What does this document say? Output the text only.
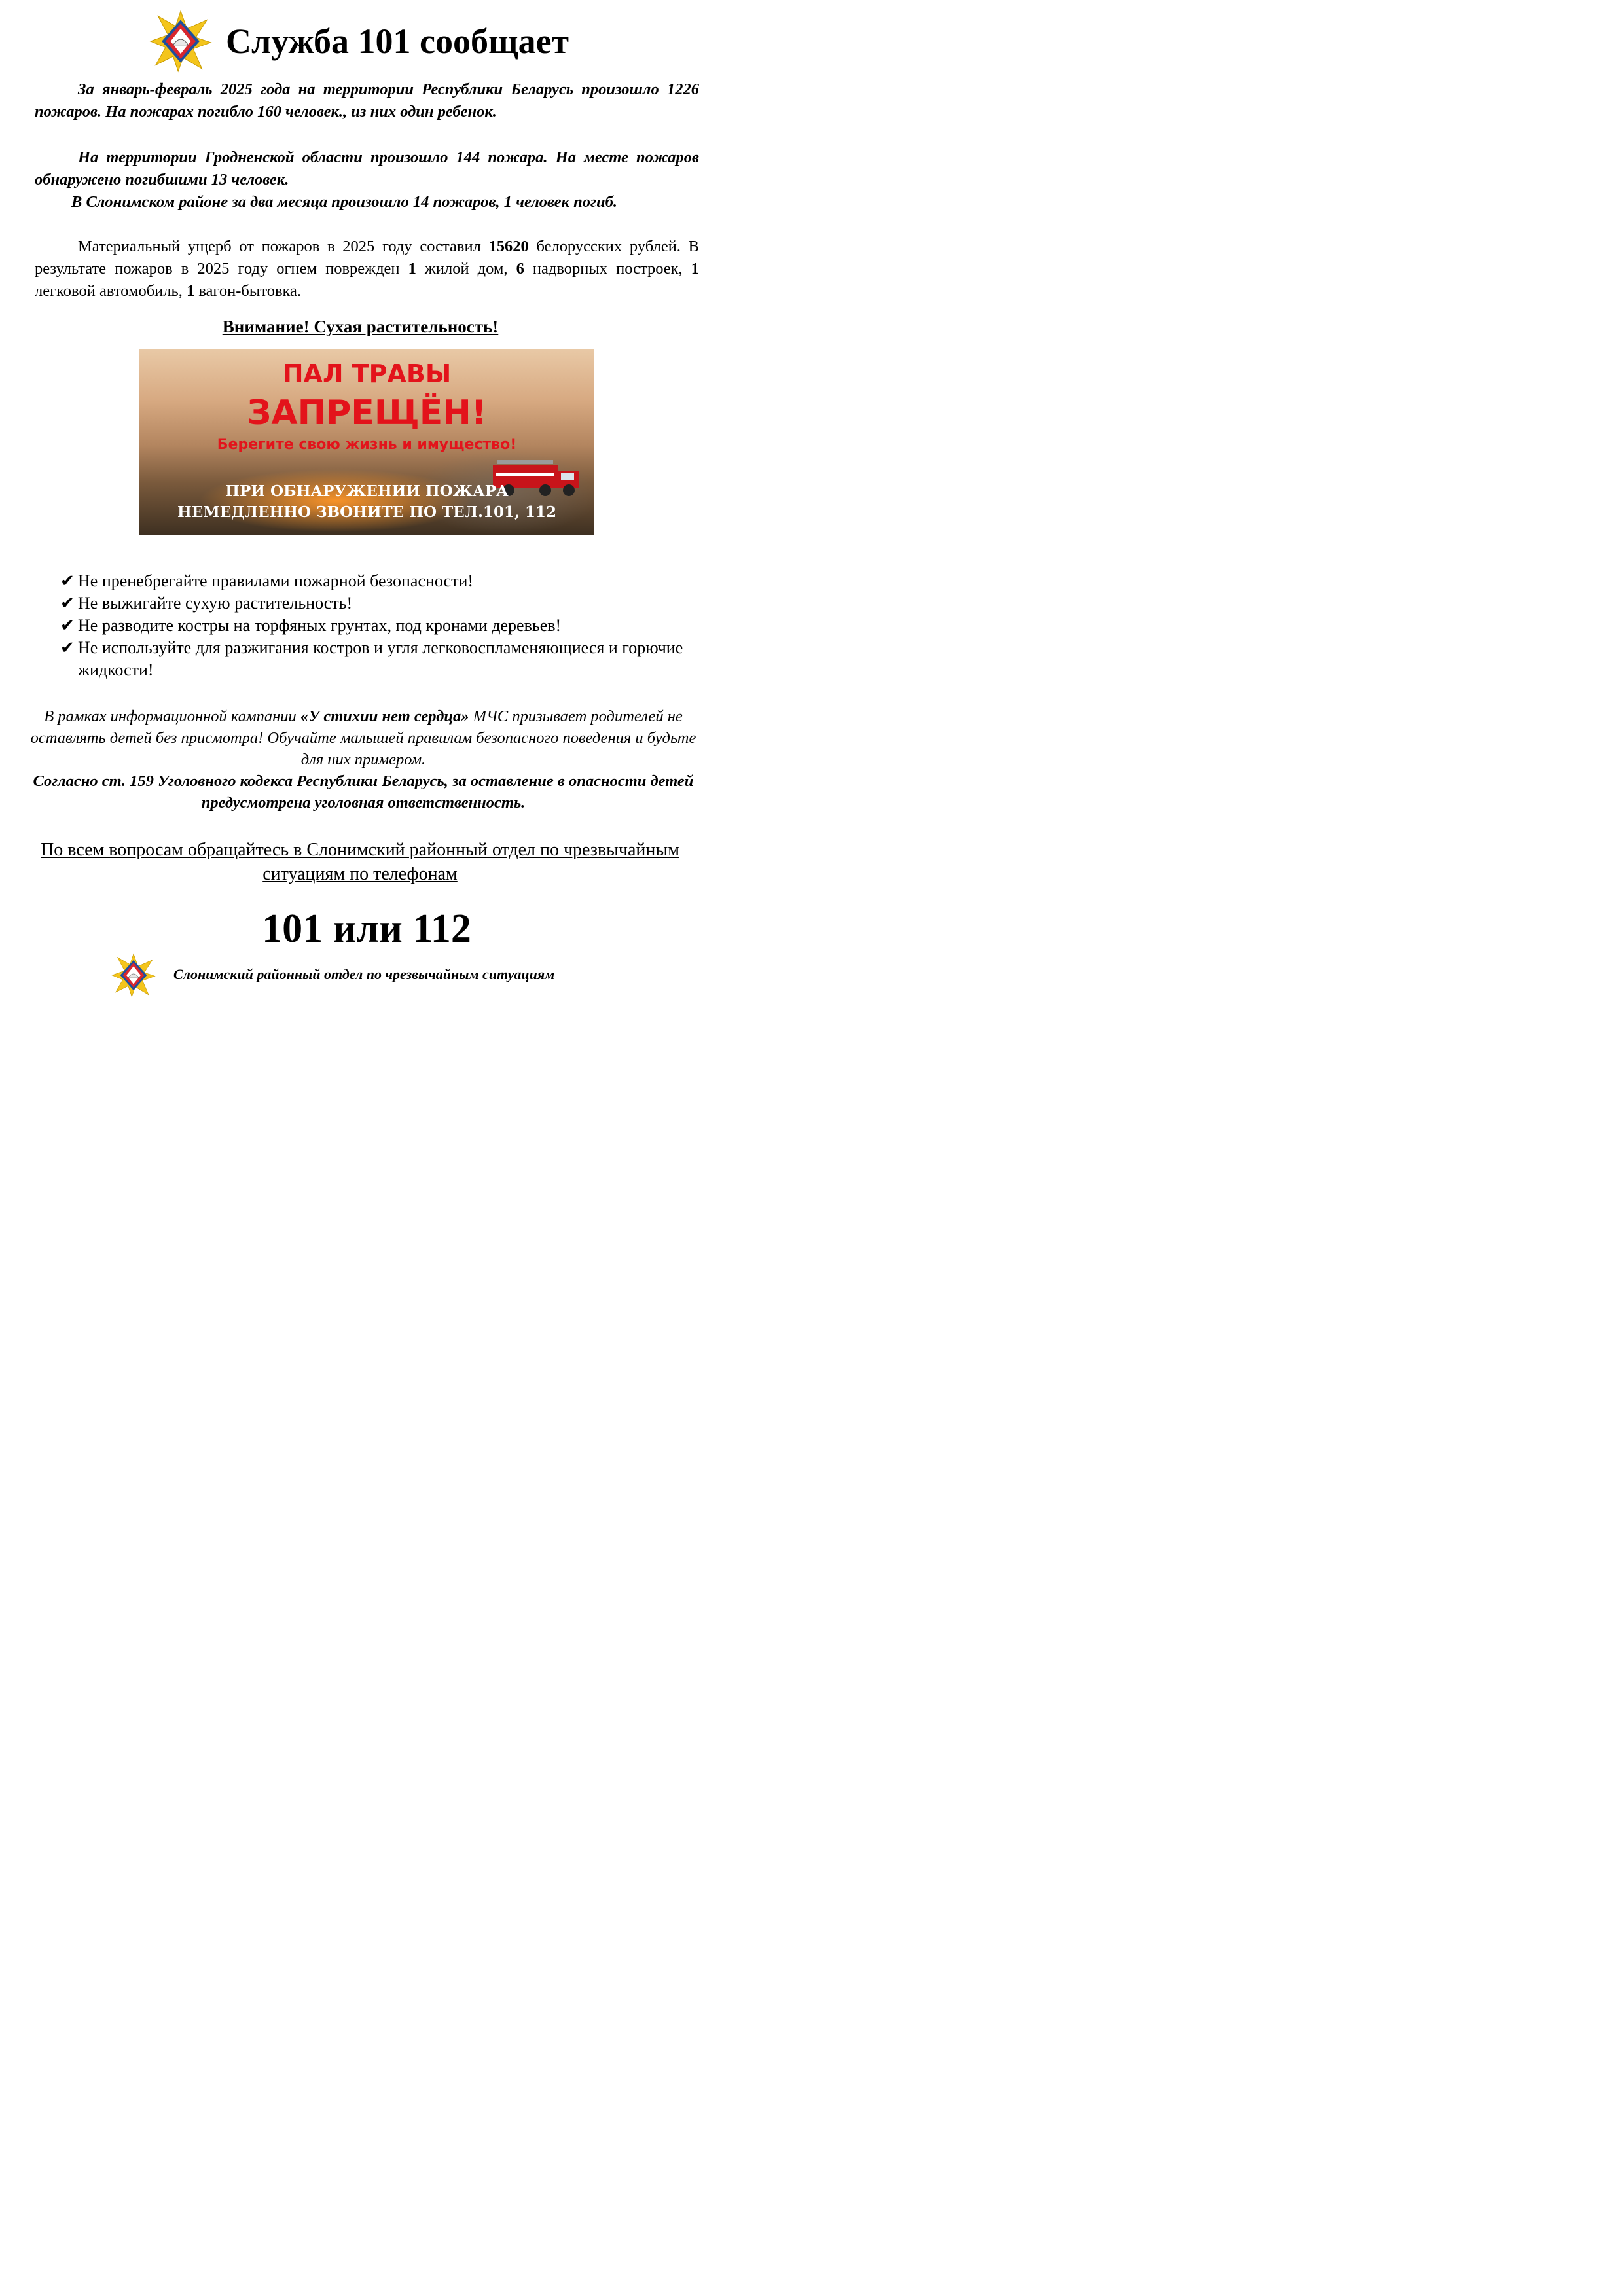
Служба 101 сообщает

За январь-февраль 2025 года на территории Республики Беларусь произошло 1226 пожаров. На пожарах погибло 160 человек., из них один ребенок.

На территории Гродненской области произошло 144 пожара. На месте пожаров обнаружено погибшими 13 человек.

В Слонимском районе за два месяца произошло 14 пожаров, 1 человек погиб.

Материальный ущерб от пожаров в 2025 году составил 15620 белорусских рублей. В результате пожаров в 2025 году огнем поврежден 1 жилой дом, 6 надворных построек, 1 легковой автомобиль, 1 вагон-бытовка.

Внимание! Сухая растительность!

ПАЛ ТРАВЫ
ЗАПРЕЩЁН!
Берегите свою жизнь и имущество!
ПРИ ОБНАРУЖЕНИИ ПОЖАРА
НЕМЕДЛЕННО ЗВОНИТЕ ПО ТЕЛ.101, 112
✔ Не пренебрегайте правилами пожарной безопасности!
✔ Не выжигайте сухую растительность!
✔ Не разводите костры на торфяных грунтах, под кронами деревьев!
✔ Не используйте для разжигания костров и угля легковоспламеняющиеся и горючие жидкости!

В рамках информационной кампании «У стихии нет сердца» МЧС призывает родителей не оставлять детей без присмотра! Обучайте малышей правилам безопасного поведения и будьте для них примером.
Согласно ст. 159 Уголовного кодекса Республики Беларусь, за оставление в опасности детей предусмотрена уголовная ответственность.

По всем вопросам обращайтесь в Слонимский районный отдел по чрезвычайным ситуациям по телефонам

101 или 112

Слонимский районный отдел по чрезвычайным ситуациям
